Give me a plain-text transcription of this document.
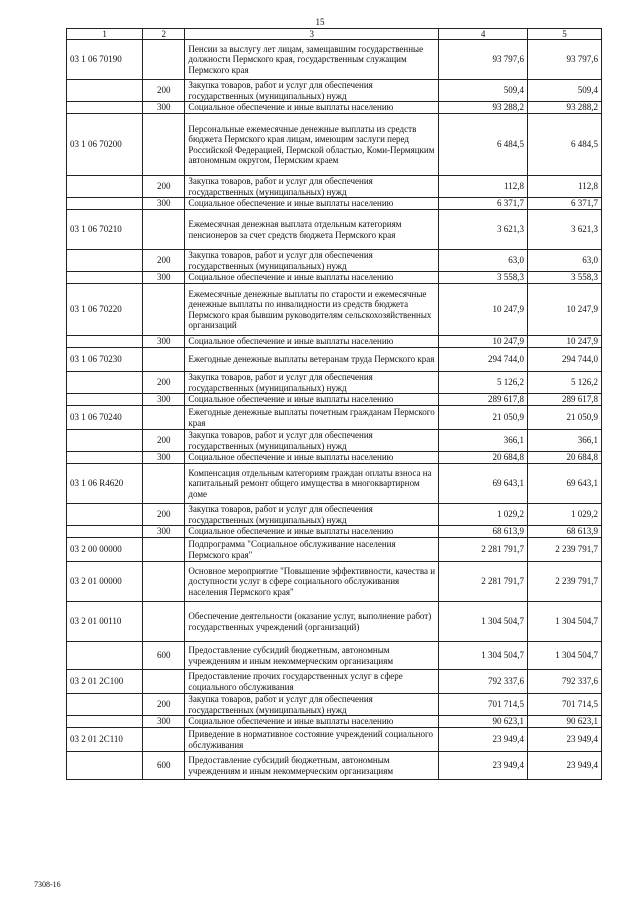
15
1	2	3	4	5
03 1 06 70190		Пенсии за выслугу лет лицам, замещавшим государственные должности Пермского края, государственным служащим Пермского края	93 797,6	93 797,6
	200	Закупка товаров, работ и услуг для обеспечения государственных (муниципальных) нужд	509,4	509,4
	300	Социальное обеспечение и иные выплаты населению	93 288,2	93 288,2
03 1 06 70200		Персональные ежемесячные денежные выплаты из средств бюджета Пермского края лицам, имеющим заслуги перед Российской Федерацией, Пермской областью, Коми-Пермяцким автономным округом, Пермским краем	6 484,5	6 484,5
	200	Закупка товаров, работ и услуг для обеспечения государственных (муниципальных) нужд	112,8	112,8
	300	Социальное обеспечение и иные выплаты населению	6 371,7	6 371,7
03 1 06 70210		Ежемесячная денежная выплата отдельным категориям пенсионеров за счет средств бюджета Пермского края	3 621,3	3 621,3
	200	Закупка товаров, работ и услуг для обеспечения государственных (муниципальных) нужд	63,0	63,0
	300	Социальное обеспечение и иные выплаты населению	3 558,3	3 558,3
03 1 06 70220		Ежемесячные денежные выплаты по старости и ежемесячные денежные выплаты по инвалидности из средств бюджета Пермского края бывшим руководителям сельскохозяйственных организаций	10 247,9	10 247,9
	300	Социальное обеспечение и иные выплаты населению	10 247,9	10 247,9
03 1 06 70230		Ежегодные денежные выплаты ветеранам труда Пермского края	294 744,0	294 744,0
	200	Закупка товаров, работ и услуг для обеспечения государственных (муниципальных) нужд	5 126,2	5 126,2
	300	Социальное обеспечение и иные выплаты населению	289 617,8	289 617,8
03 1 06 70240		Ежегодные денежные выплаты почетным гражданам Пермского края	21 050,9	21 050,9
	200	Закупка товаров, работ и услуг для обеспечения государственных (муниципальных) нужд	366,1	366,1
	300	Социальное обеспечение и иные выплаты населению	20 684,8	20 684,8
03 1 06 R4620		Компенсация отдельным категориям граждан оплаты взноса на капитальный ремонт общего имущества в многоквартирном доме	69 643,1	69 643,1
	200	Закупка товаров, работ и услуг для обеспечения государственных (муниципальных) нужд	1 029,2	1 029,2
	300	Социальное обеспечение и иные выплаты населению	68 613,9	68 613,9
03 2 00 00000		Подпрограмма "Социальное обслуживание населения Пермского края"	2 281 791,7	2 239 791,7
03 2 01 00000		Основное мероприятие "Повышение эффективности, качества и доступности услуг в сфере социального обслуживания населения Пермского края"	2 281 791,7	2 239 791,7
03 2 01 00110		Обеспечение деятельности (оказание услуг, выполнение работ) государственных учреждений (организаций)	1 304 504,7	1 304 504,7
	600	Предоставление субсидий бюджетным, автономным учреждениям и иным некоммерческим организациям	1 304 504,7	1 304 504,7
03 2 01 2С100		Предоставление прочих государственных услуг в сфере социального обслуживания	792 337,6	792 337,6
	200	Закупка товаров, работ и услуг для обеспечения государственных (муниципальных) нужд	701 714,5	701 714,5
	300	Социальное обеспечение и иные выплаты населению	90 623,1	90 623,1
03 2 01 2С110		Приведение в нормативное состояние учреждений социального обслуживания	23 949,4	23 949,4
	600	Предоставление субсидий бюджетным, автономным учреждениям и иным некоммерческим организациям	23 949,4	23 949,4
7308-16
